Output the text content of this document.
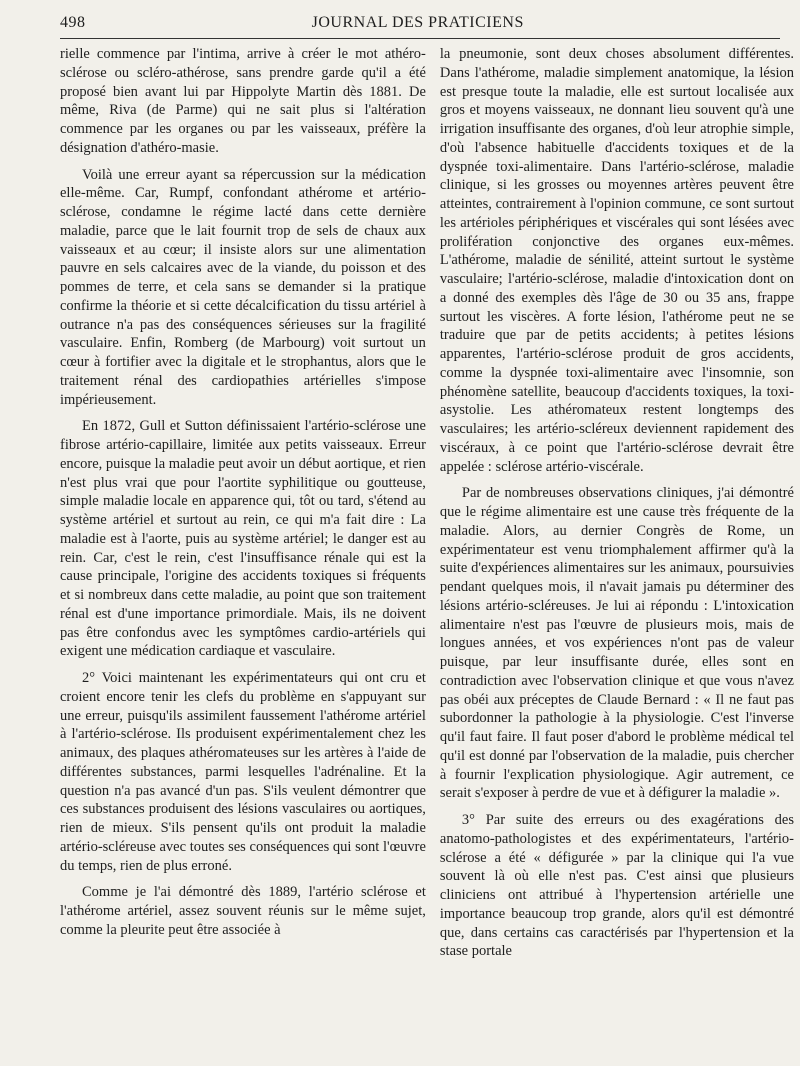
498	JOURNAL DES PRATICIENS

rielle commence par l'intima, arrive à créer le mot athéro-sclérose ou scléro-athérose, sans prendre garde qu'il a été proposé bien avant lui par Hippolyte Martin dès 1881. De même, Riva (de Parme) qui ne sait plus si l'altération commence par les organes ou par les vaisseaux, préfère la désignation d'athéro-masie.

Voilà une erreur ayant sa répercussion sur la médication elle-même. Car, Rumpf, confondant athérome et artério-sclérose, condamne le régime lacté dans cette dernière maladie, parce que le lait fournit trop de sels de chaux aux vaisseaux et au cœur; il insiste alors sur une alimentation pauvre en sels calcaires avec de la viande, du poisson et des pommes de terre, et cela sans se demander si la pratique confirme la théorie et si cette décalcification du tissu artériel à outrance n'a pas des conséquences sérieuses sur la fragilité vasculaire. Enfin, Romberg (de Marbourg) voit surtout un cœur à fortifier avec la digitale et le strophantus, alors que le traitement rénal des cardiopathies artérielles s'impose impérieusement.

En 1872, Gull et Sutton définissaient l'artério-sclérose une fibrose artério-capillaire, limitée aux petits vaisseaux. Erreur encore, puisque la maladie peut avoir un début aortique, et rien n'est plus vrai que pour l'aortite syphilitique ou goutteuse, simple maladie locale en apparence qui, tôt ou tard, s'étend au système artériel et surtout au rein, ce qui m'a fait dire : La maladie est à l'aorte, puis au système artériel; le danger est au rein. Car, c'est le rein, c'est l'insuffisance rénale qui est la cause principale, l'origine des accidents toxiques si fréquents et si nombreux dans cette maladie, au point que son traitement rénal est d'une importance primordiale. Mais, ils ne doivent pas être confondus avec les symptômes cardio-artériels qui exigent une médication cardiaque et vasculaire.

2° Voici maintenant les expérimentateurs qui ont cru et croient encore tenir les clefs du problème en s'appuyant sur une erreur, puisqu'ils assimilent faussement l'athérome artériel à l'artério-sclérose. Ils produisent expérimentalement chez les animaux, des plaques athéromateuses sur les artères à l'aide de différentes substances, parmi lesquelles l'adrénaline. Et la question n'a pas avancé d'un pas. S'ils veulent démontrer que ces substances produisent des lésions vasculaires ou aortiques, rien de mieux. S'ils pensent qu'ils ont produit la maladie artério-scléreuse avec toutes ses conséquences qui sont l'œuvre du temps, rien de plus erroné.

Comme je l'ai démontré dès 1889, l'artério sclérose et l'athérome artériel, assez souvent réunis sur le même sujet, comme la pleurite peut être associée à

la pneumonie, sont deux choses absolument différentes. Dans l'athérome, maladie simplement anatomique, la lésion est presque toute la maladie, elle est surtout localisée aux gros et moyens vaisseaux, ne donnant lieu souvent qu'à une irrigation insuffisante des organes, d'où leur atrophie simple, d'où l'absence habituelle d'accidents toxiques et de la dyspnée toxi-alimentaire. Dans l'artério-sclérose, maladie clinique, si les grosses ou moyennes artères peuvent être atteintes, contrairement à l'opinion commune, ce sont surtout les artérioles périphériques et viscérales qui sont lésées avec prolifération conjonctive des organes eux-mêmes. L'athérome, maladie de sénilité, atteint surtout le système vasculaire; l'artério-sclérose, maladie d'intoxication dont on a donné des exemples dès l'âge de 30 ou 35 ans, frappe surtout les viscères. A forte lésion, l'athérome peut ne se traduire que par de petits accidents; à petites lésions apparentes, l'artério-sclérose produit de gros accidents, comme la dyspnée toxi-alimentaire avec l'insomnie, son phénomène satellite, beaucoup d'accidents toxiques, la toxi-asystolie. Les athéromateux restent longtemps des vasculaires; les artério-scléreux deviennent rapidement des viscéraux, à ce point que l'artério-sclérose devrait être appelée : sclérose artério-viscérale.

Par de nombreuses observations cliniques, j'ai démontré que le régime alimentaire est une cause très fréquente de la maladie. Alors, au dernier Congrès de Rome, un expérimentateur est venu triomphalement affirmer qu'à la suite d'expériences alimentaires sur les animaux, poursuivies pendant quelques mois, il n'avait jamais pu déterminer des lésions artério-scléreuses. Je lui ai répondu : L'intoxication alimentaire n'est pas l'œuvre de plusieurs mois, mais de longues années, et vos expériences n'ont pas de valeur puisque, par leur insuffisante durée, elles sont en contradiction avec l'observation clinique et que vous n'avez pas obéi aux préceptes de Claude Bernard : « Il ne faut pas subordonner la pathologie à la physiologie. C'est l'inverse qu'il faut faire. Il faut poser d'abord le problème médical tel qu'il est donné par l'observation de la maladie, puis chercher à fournir l'explication physiologique. Agir autrement, ce serait s'exposer à perdre de vue et à défigurer la maladie ».

3° Par suite des erreurs ou des exagérations des anatomo-pathologistes et des expérimentateurs, l'artério-sclérose a été « défigurée » par la clinique qui l'a vue souvent là où elle n'est pas. C'est ainsi que plusieurs cliniciens ont attribué à l'hypertension artérielle une importance beaucoup trop grande, alors qu'il est démontré que, dans certains cas caractérisés par l'hypertension et la stase portale
